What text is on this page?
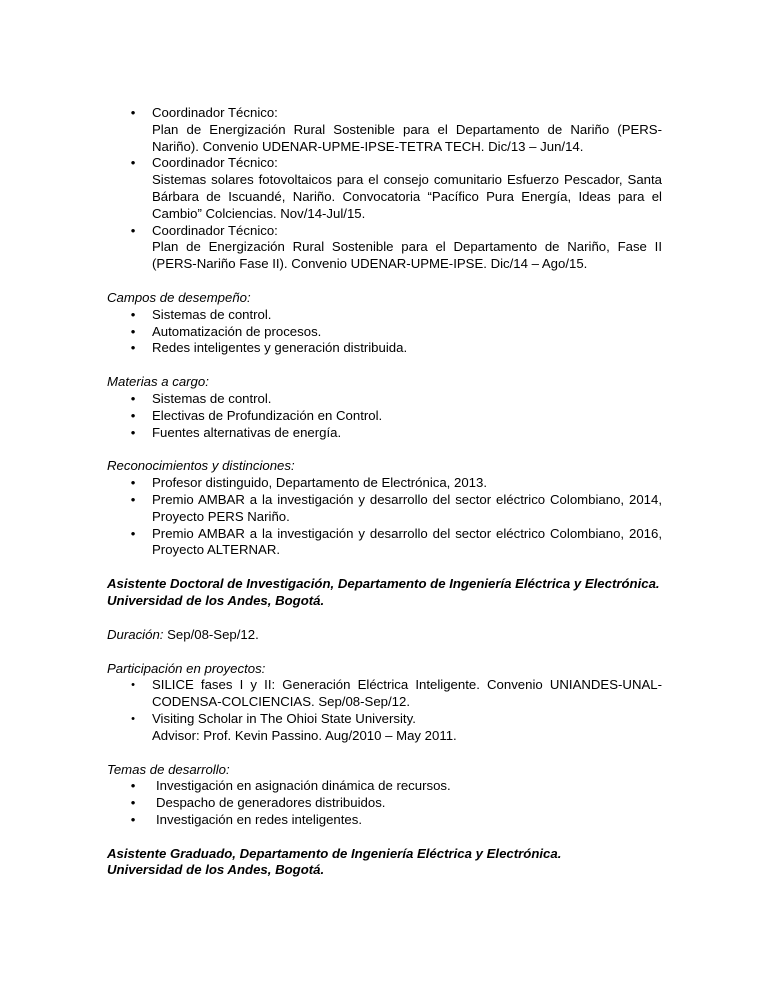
• Coordinador Técnico:
Plan de Energización Rural Sostenible para el Departamento de Nariño (PERS-Nariño). Convenio UDENAR-UPME-IPSE-TETRA TECH. Dic/13 – Jun/14.
• Coordinador Técnico:
Sistemas solares fotovoltaicos para el consejo comunitario Esfuerzo Pescador, Santa Bárbara de Iscuandé, Nariño. Convocatoria “Pacífico Pura Energía, Ideas para el Cambio” Colciencias. Nov/14-Jul/15.
• Coordinador Técnico:
Plan de Energización Rural Sostenible para el Departamento de Nariño, Fase II (PERS-Nariño Fase II). Convenio UDENAR-UPME-IPSE. Dic/14 – Ago/15.

Campos de desempeño:

• Sistemas de control.
• Automatización de procesos.
• Redes inteligentes y generación distribuida.

Materias a cargo:

• Sistemas de control.
• Electivas de Profundización en Control.
• Fuentes alternativas de energía.

Reconocimientos y distinciones:

• Profesor distinguido, Departamento de Electrónica, 2013.
• Premio AMBAR a la investigación y desarrollo del sector eléctrico Colombiano, 2014, Proyecto PERS Nariño.
• Premio AMBAR a la investigación y desarrollo del sector eléctrico Colombiano, 2016, Proyecto ALTERNAR.

Asistente Doctoral de Investigación, Departamento de Ingeniería Eléctrica y Electrónica.

Universidad de los Andes, Bogotá.

Duración: Sep/08-Sep/12.

Participación en proyectos:

• SILICE fases I y II: Generación Eléctrica Inteligente. Convenio UNIANDES-UNAL-CODENSA-COLCIENCIAS. Sep/08-Sep/12.
• Visiting Scholar in The Ohioi State University.
Advisor: Prof. Kevin Passino. Aug/2010 – May 2011.

Temas de desarrollo:

• Investigación en asignación dinámica de recursos.
• Despacho de generadores distribuidos.
• Investigación en redes inteligentes.

Asistente Graduado, Departamento de Ingeniería Eléctrica y Electrónica.

Universidad de los Andes, Bogotá.
